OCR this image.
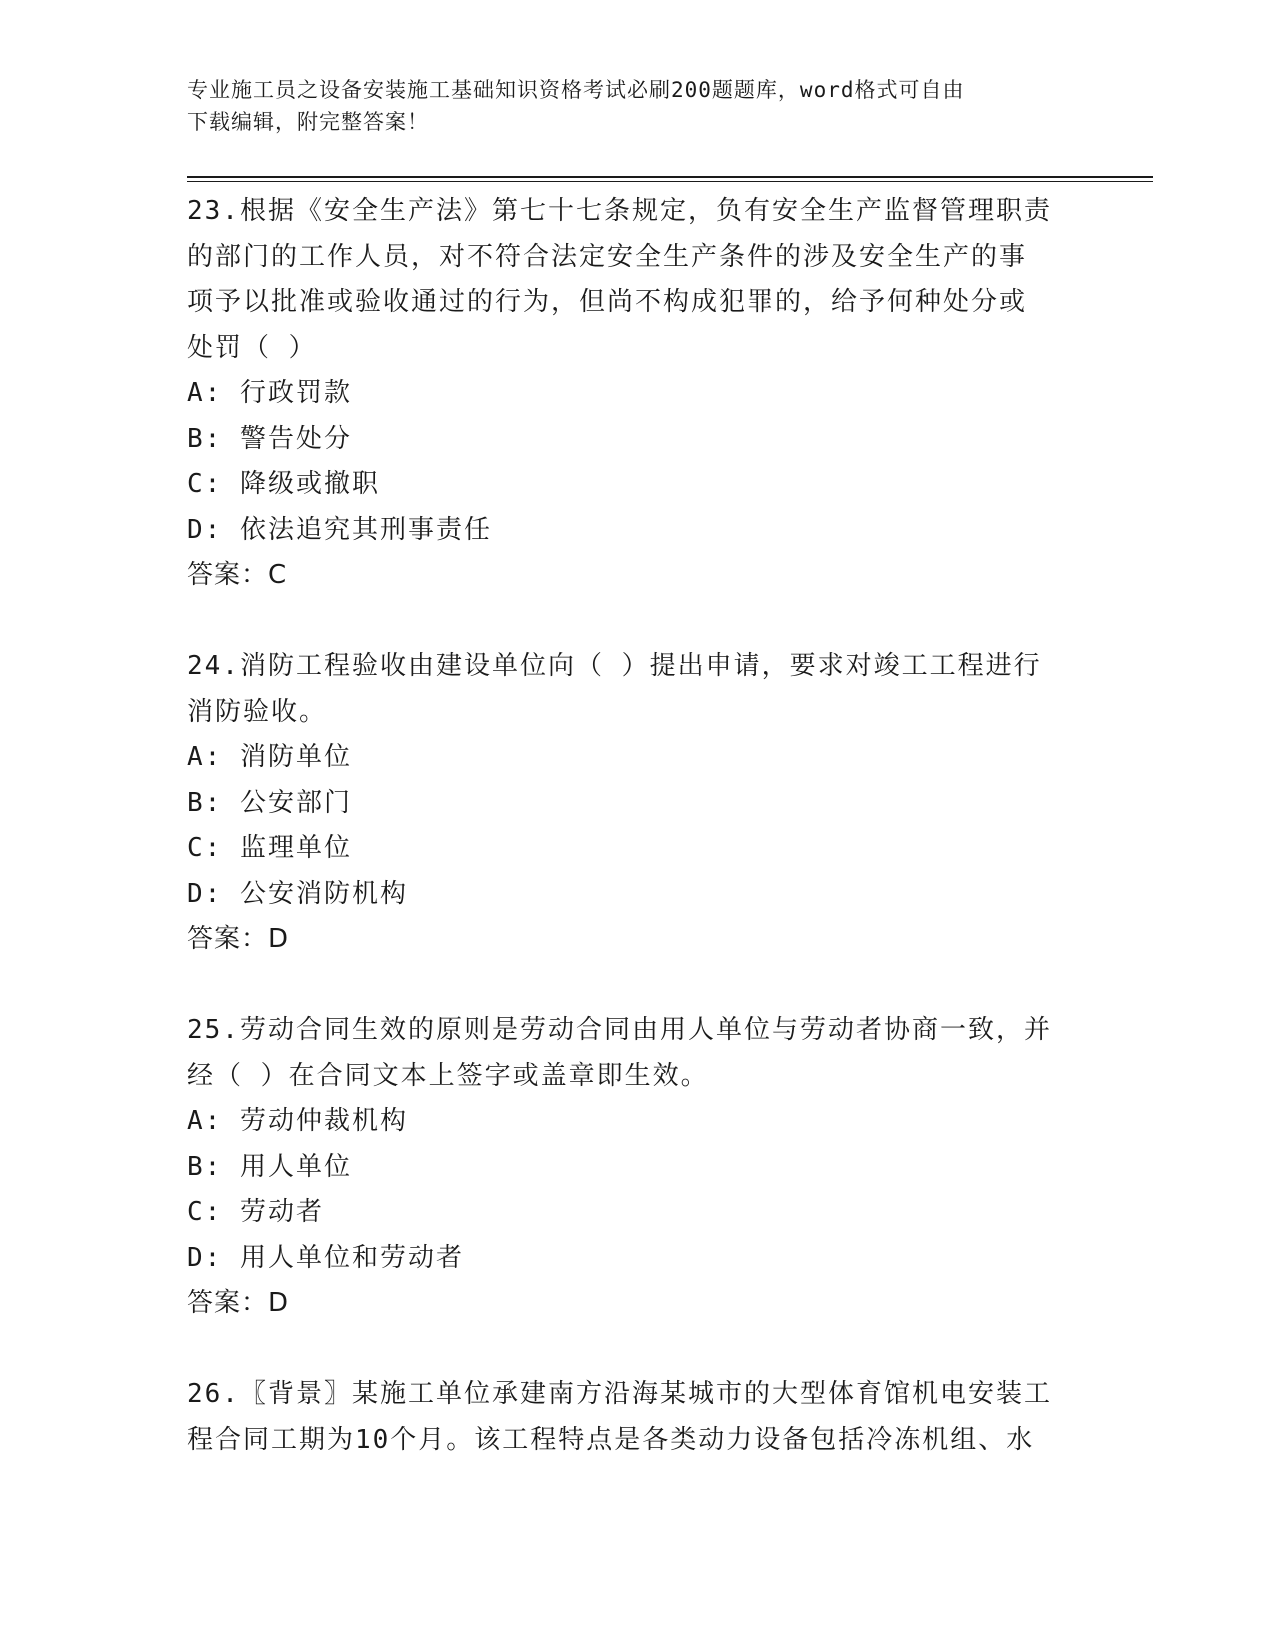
专业施工员之设备安装施工基础知识资格考试必刷200题题库，word格式可自由
下载编辑，附完整答案！
23.根据《安全生产法》第七十七条规定，负有安全生产监督管理职责
的部门的工作人员，对不符合法定安全生产条件的涉及安全生产的事
项予以批准或验收通过的行为，但尚不构成犯罪的，给予何种处分或
处罚（ ）
A: 行政罚款
B: 警告处分
C: 降级或撤职
D: 依法追究其刑事责任
答案：C
24.消防工程验收由建设单位向（ ）提出申请，要求对竣工工程进行
消防验收。
A: 消防单位
B: 公安部门
C: 监理单位
D: 公安消防机构
答案：D
25.劳动合同生效的原则是劳动合同由用人单位与劳动者协商一致，并
经（ ）在合同文本上签字或盖章即生效。
A: 劳动仲裁机构
B: 用人单位
C: 劳动者
D: 用人单位和劳动者
答案：D
26.〖背景〗某施工单位承建南方沿海某城市的大型体育馆机电安装工
程合同工期为10个月。该工程特点是各类动力设备包括冷冻机组、水
